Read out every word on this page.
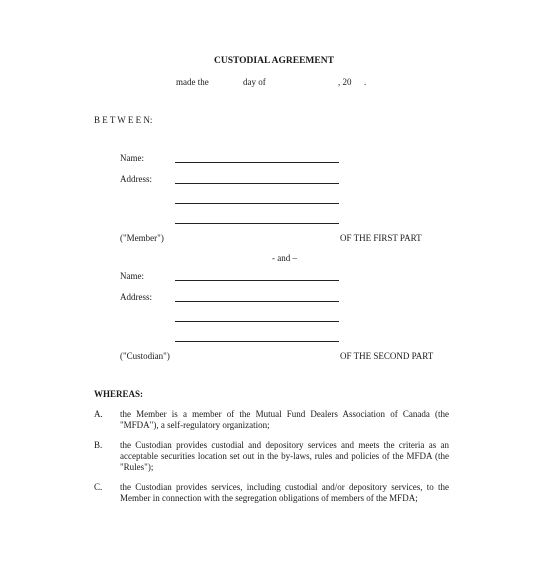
CUSTODIAL AGREEMENT
made the	day of	, 20 .
B E T W E E N:
Name:
Address:
("Member")	OF THE FIRST PART
- and –
Name:
Address:
("Custodian")	OF THE SECOND PART
WHEREAS:
A. the Member is a member of the Mutual Fund Dealers Association of Canada (the
"MFDA"), a self-regulatory organization;
B. the Custodian provides custodial and depository services and meets the criteria as an
acceptable securities location set out in the by-laws, rules and policies of the MFDA (the
"Rules");
C. the Custodian provides services, including custodial and/or depository services, to the
Member in connection with the segregation obligations of members of the MFDA;
